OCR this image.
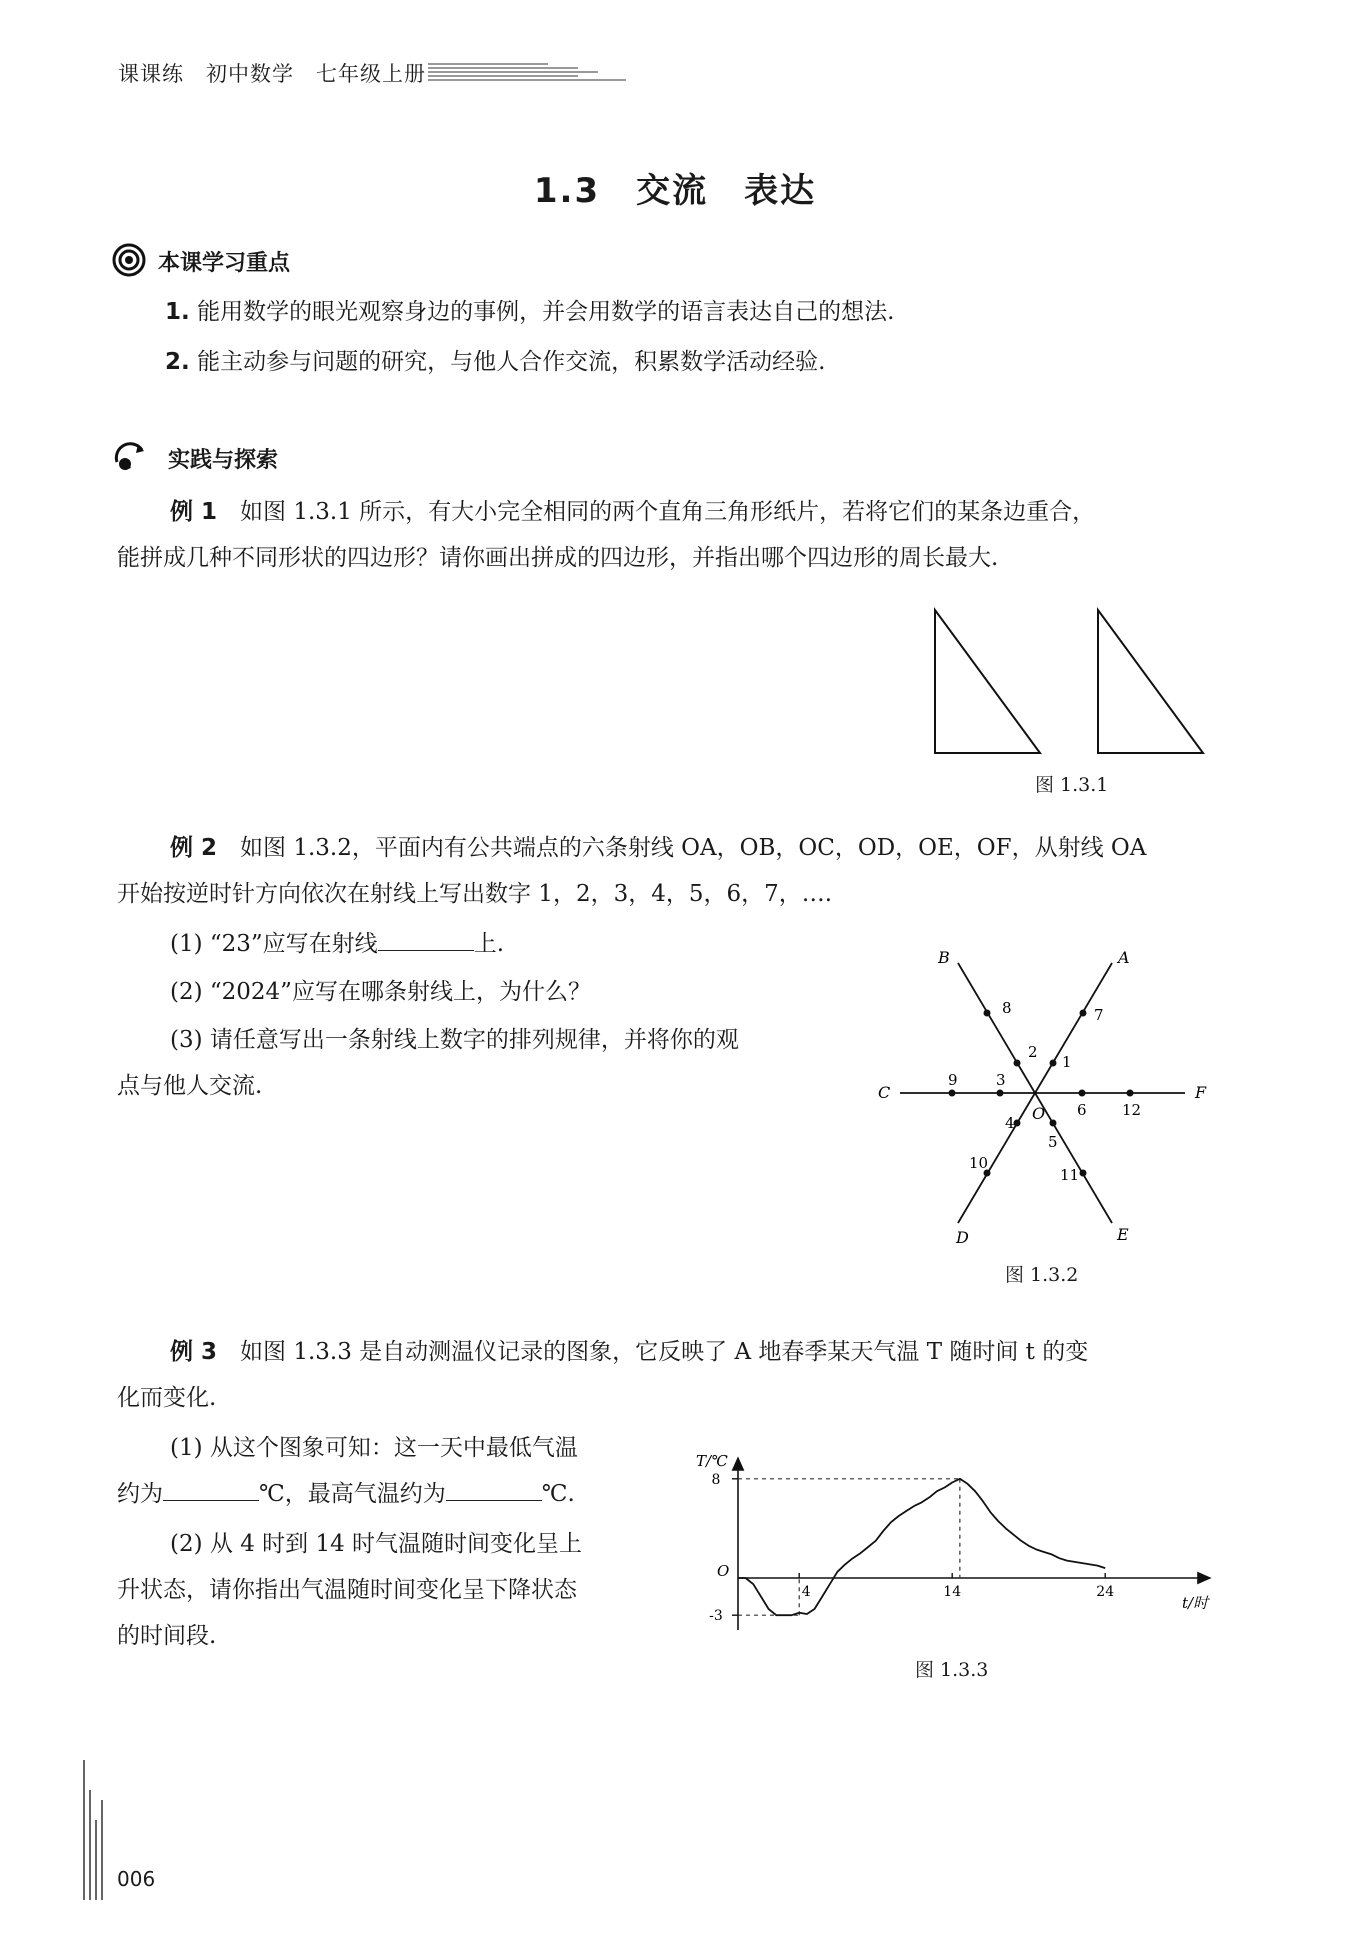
课课练　初中数学　七年级上册
1.3　交流　表达
本课学习重点
1. 能用数学的眼光观察身边的事例，并会用数学的语言表达自己的想法.
2. 能主动参与问题的研究，与他人合作交流，积累数学活动经验.
实践与探索
例 1　 如图 1.3.1 所示，有大小完全相同的两个直角三角形纸片，若将它们的某条边重合，
能拼成几种不同形状的四边形？请你画出拼成的四边形，并指出哪个四边形的周长最大.
图 1.3.1
例 2　 如图 1.3.2，平面内有公共端点的六条射线 OA，OB，OC，OD，OE，OF，从射线 OA
开始按逆时针方向依次在射线上写出数字 1，2，3，4，5，6，7，….
(1) “23”应写在射线	上.
(2) “2024”应写在哪条射线上，为什么？
(3) 请任意写出一条射线上数字的排列规律，并将你的观
点与他人交流.
A
B
C
D	E
F
O
1
2
3
4
5
6
7
8
9
10
11
12
图 1.3.2
例 3　 如图 1.3.3 是自动测温仪记录的图象，它反映了 A 地春季某天气温 T 随时间 t 的变
化而变化.
(1) 从这个图象可知：这一天中最低气温
约为	℃，最高气温约为	℃.
(2) 从 4 时到 14 时气温随时间变化呈上
升状态，请你指出气温随时间变化呈下降状态
的时间段.
T/℃
t/时
O
8
-3
4	14	24
图 1.3.3
006
